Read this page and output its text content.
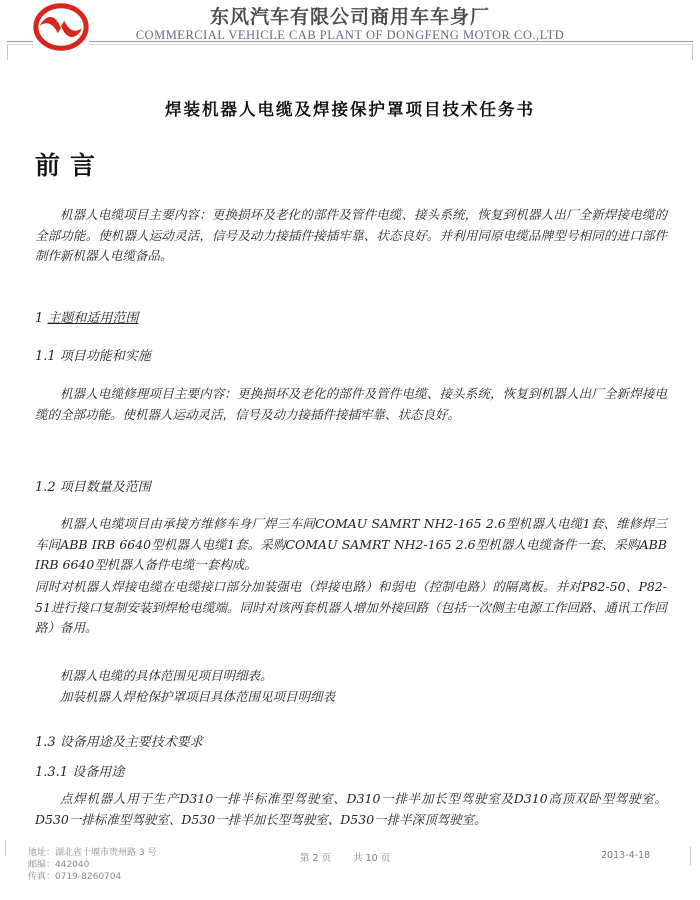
东风汽车有限公司商用车车身厂
COMMERCIAL VEHICLE CAB PLANT OF DONGFENG MOTOR CO.,LTD
焊装机器人电缆及焊接保护罩项目技术任务书
前言
机器人电缆项目主要内容：更换损坏及老化的部件及管件电缆、接头系统，恢复到机器人出厂全新焊接电缆的全部功能。使机器人运动灵活，信号及动力接插件接插牢靠、状态良好。并利用同原电缆品牌型号相同的进口部件制作新机器人电缆备品。
1 主题和适用范围
1.1 项目功能和实施
机器人电缆修理项目主要内容：更换损坏及老化的部件及管件电缆、接头系统，恢复到机器人出厂全新焊接电缆的全部功能。使机器人运动灵活，信号及动力接插件接插牢靠、状态良好。
1.2 项目数量及范围
机器人电缆项目由承接方维修车身厂焊三车间COMAU SAMRT NH2-165 2.6型机器人电缆1套、维修焊三车间ABB IRB 6640型机器人电缆1套。采购COMAU SAMRT NH2-165 2.6型机器人电缆备件一套、采购ABB IRB 6640型机器人备件电缆一套构成。
同时对机器人焊接电缆在电缆接口部分加装强电（焊接电路）和弱电（控制电路）的隔离板。并对P82-50、P82-51进行接口复制安装到焊枪电缆端。同时对该两套机器人增加外接回路（包括一次侧主电源工作回路、通讯工作回路）备用。
机器人电缆的具体范围见项目明细表。
加装机器人焊枪保护罩项目具体范围见项目明细表
1.3 设备用途及主要技术要求
1.3.1 设备用途
点焊机器人用于生产D310一排半标准型驾驶室、D310一排半加长型驾驶室及D310高顶双卧型驾驶室。D530一排标准型驾驶室、D530一排半加长型驾驶室、D530一排半深顶驾驶室。
地址：湖北省十堰市贵州路 3 号
邮编：442040
传真：0719-8260704
第 2 页 共 10 页	2013-4-18
